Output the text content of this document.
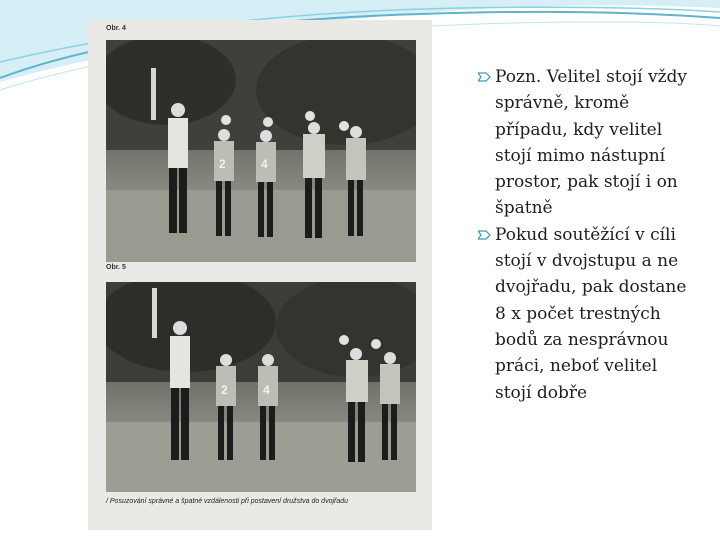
Obr. 4
2	4
Obr. 5
2	4
/ Posuzování správné a špatné vzdálenosti při postavení družstva do dvojřadu
Pozn. Velitel stojí vždy správně, kromě případu, kdy velitel stojí mimo nástupní prostor, pak stojí i on špatně
Pokud soutěžící v cíli stojí v dvojstupu a ne dvojřadu, pak dostane 8 x počet trestných bodů za nesprávnou práci, neboť velitel stojí dobře
